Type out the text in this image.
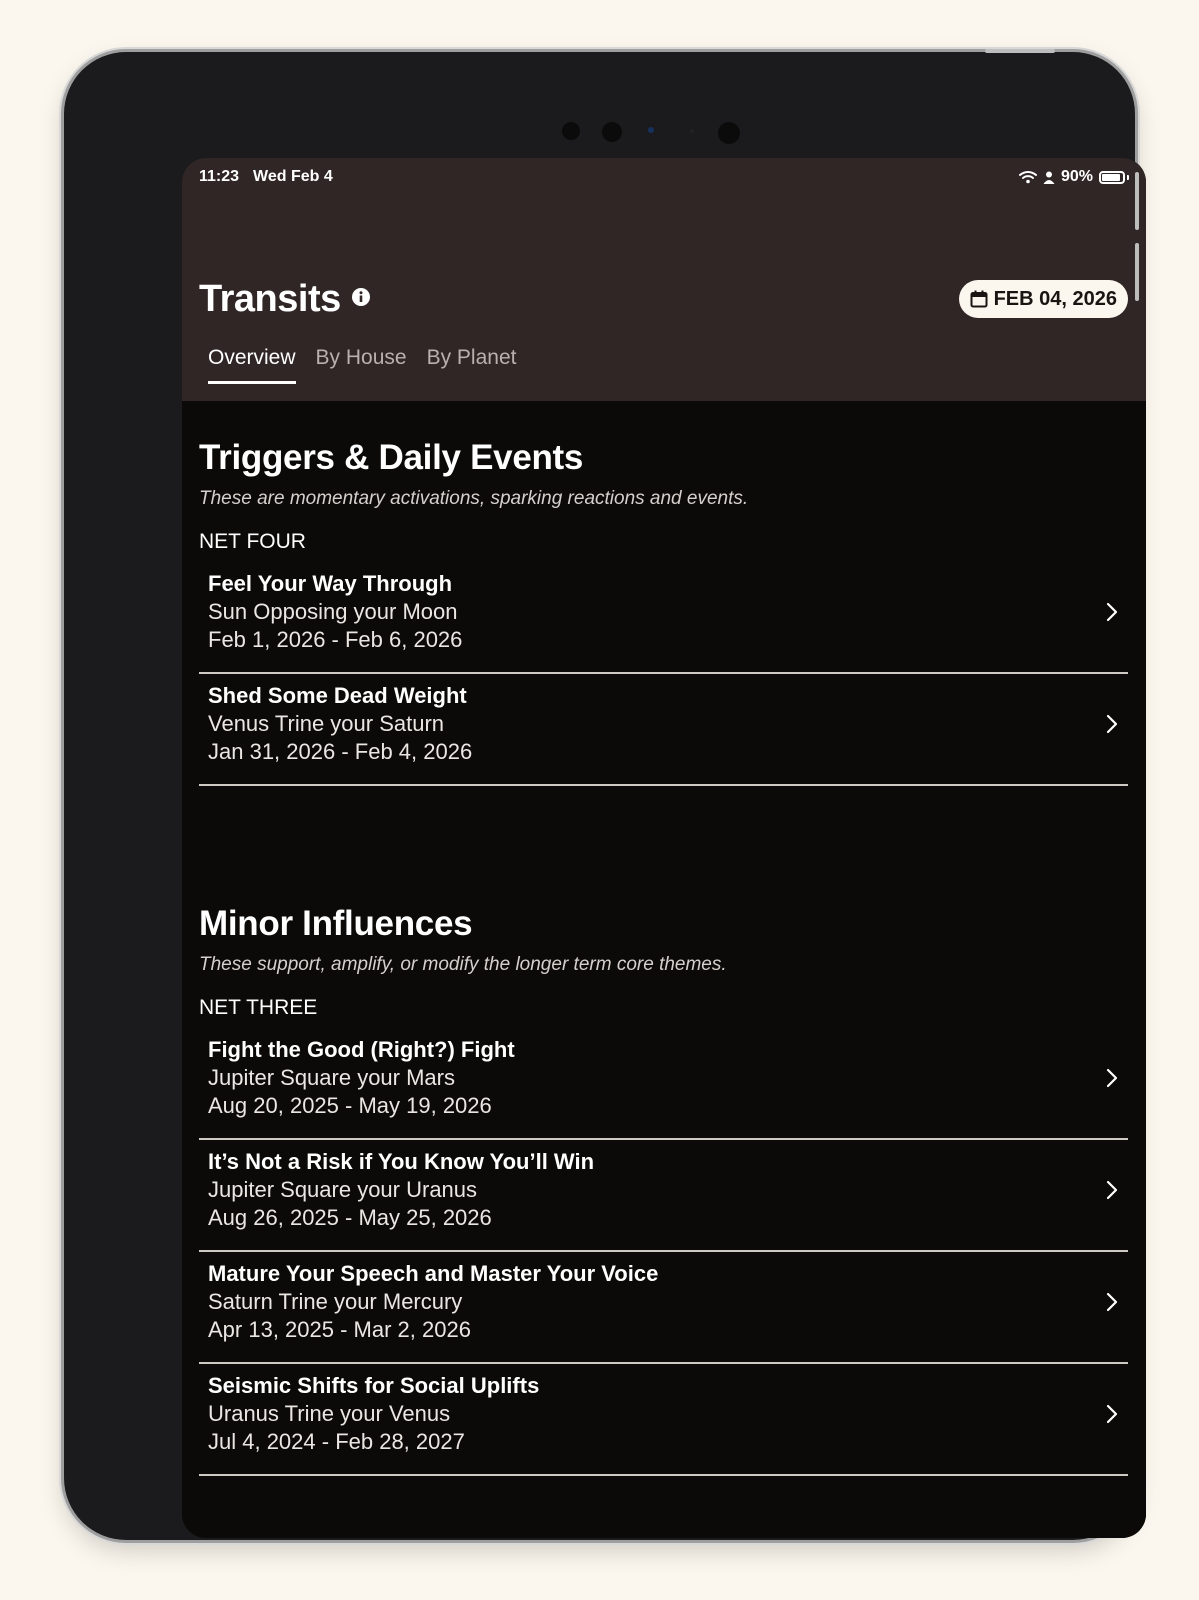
11:23 Wed Feb 4	90%
Transits	FEB 04, 2026
Overview By House By Planet
Triggers & Daily Events
These are momentary activations, sparking reactions and events.
NET FOUR
Feel Your Way Through
Sun Opposing your Moon
Feb 1, 2026 - Feb 6, 2026
Shed Some Dead Weight
Venus Trine your Saturn
Jan 31, 2026 - Feb 4, 2026
Minor Influences
These support, amplify, or modify the longer term core themes.
NET THREE
Fight the Good (Right?) Fight
Jupiter Square your Mars
Aug 20, 2025 - May 19, 2026
It’s Not a Risk if You Know You’ll Win
Jupiter Square your Uranus
Aug 26, 2025 - May 25, 2026
Mature Your Speech and Master Your Voice
Saturn Trine your Mercury
Apr 13, 2025 - Mar 2, 2026
Seismic Shifts for Social Uplifts
Uranus Trine your Venus
Jul 4, 2024 - Feb 28, 2027
